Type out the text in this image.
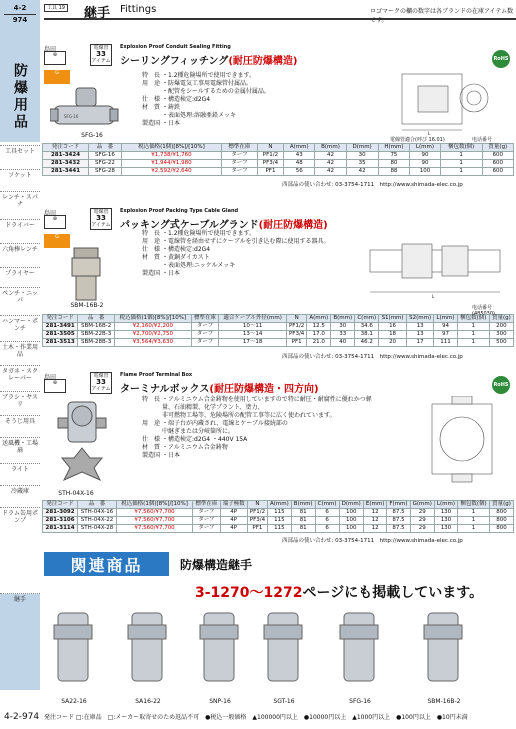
4-2
974
防爆用品
工具セット
ソケット
レンチ・スパナ
ドライバー
六角棒レンチ
プライヤー
ペンチ・ニッパ
ハンマー・ポンチ
土木・作業用品
タガネ・スクレーパー
ブラシ・ヤスリ
そうじ用具
送風機・工場扇
ライト
冷蔵庫
ドラム缶用ポンプ
継手
工具 19 継手 Fittings	ロゴマークの欄の数字は各ブランドの在庫アイテム数です。
島田
⊛
電線管
33
アイテム
Explosion Proof Conduit Sealing Fitting
シーリングフィッチング(耐圧防爆構造)	RoHS
G
SFG-16
SFG-16
特　長 ・1.2種危険場所で使用できます。
用　途 ・防爆電気工事用電線管付属品。
・配管をシールするための金属付属品。
仕　様 ・構造検定:d2G4
材　質 ・鋳鉄
・表面処理:溶融亜鉛メッキ
製造国 ・日本
L
電線管適合(呼び 16.01)	电话番号
発注コード	品　番	税込価格(1個)[8%]/[10%]	標準在庫	N	A(mm)	B(mm)	D(mm)	H(mm)	L(mm)	梱包数(個)	質量(g)
281-3424	SFG-16	¥1,738/¥1,760	ターフ	PF1/2	43	42	30	75	90	1	600
281-3432	SFG-22	¥1,944/¥1,980	ターフ	PF3/4	48	42	35	80	90	1	600
281-3441	SFG-28	¥2,592/¥2,640	ターフ	PF1	56	42	42	88	100	1	600
西部品の使い合わせ: 03-3754-1711　 http://www.shimada-elec.co.jp
島田
⊛
電線管
33
アイテム
Explosion Proof Packing Type Cable Gland
パッキング式ケーブルグランド(耐圧防爆構造)
G
SBM-16B-2
特　長 ・1.2種危険場所で使用できます。
用　途 ・電線管を経由せずにケーブルを引き込む際に使用する器具。
仕　様 ・構造検定:d2G4
材　質 ・黄銅ダイカスト
・表面処理:ニッケルメッキ
製造国 ・日本
L
电话番号
発注コード	品　番	税込価格(1個)[8%]/[10%]	標準在庫	適合ケーブル外径(mm)	N	A(mm)	B(mm)	C(mm)	S1(mm)	S2(mm)	L(mm)	梱包数(個)	質量(g)
281-3491	SBM-16B-2	¥2,160/¥2,200	ターフ	10～11	PF1/2	12.5	30	34.6	16	13	94	1	200
281-3505	SBM-22B-3	¥2,700/¥2,750	ターフ	13～14	PF3/4	17.0	33	38.1	18	13	97	1	300
281-3513	SBM-28B-3	¥3,564/¥3,630	ターフ	17～18	PF1	21.0	40	46.2	20	17	111	1	500
西部品の使い合わせ: 03-3754-1711　 http://www.shimada-elec.co.jp
島田
⊛
電線管
33
アイテム
Flame Proof Terminal Box
ターミナルボックス(耐圧防爆構造・四方向)	RoHS
STH-04X-16
特　長 ・アルミニウム合金鋳物を使用していますので特に耐圧・耐腐性に優れかつ軽量、石油精製、化学プラント、塗力、
非可燃物工場等、危険場所の配管工事等に広く使われています。
用　途 ・端子台が内蔵され、電線とケーブル接続部の
中継ぎまたは分岐箇所に。
仕　様 ・構造検定:d2G4 ・440V 15A
材　質 ・アルミニウム合金鋳物
製造国 ・日本
発注コード	品　番	税込価格(1個)[8%]/[10%]	標準在庫	端子極数	N	A(mm)	B(mm)	C(mm)	D(mm)	E(mm)	F(mm)	G(mm)	L(mm)	梱包数(個)	質量(g)
281-3092	STH-04X-16	¥7,560/¥7,700	ターフ	4P	PF1/2	115	81	6	100	12	87.5	29	130	1	800
281-3106	STH-04X-22	¥7,560/¥7,700	ターフ	4P	PF3/4	115	81	6	100	12	87.5	29	130	1	800
281-3114	STH-04X-28	¥7,560/¥7,700	ターフ	4P	PF1	115	81	6	100	12	87.5	29	130	1	800
西部品の使い合わせ: 03-3754-1711　 http://www.shimada-elec.co.jp
関連商品	防爆構造継手
3-1270～1272ページにも掲載しています。
SA22-16	SA16-22	SNP-16	SGT-16	SFG-16	SBM-16B-2
4-2-974 発注コード □:在庫品　□:メーカー取寄せのため返品不可　●税込一般価格　▲100000円以上　●10000円以上　▲1000円以上　●100円以上　●10円未満
